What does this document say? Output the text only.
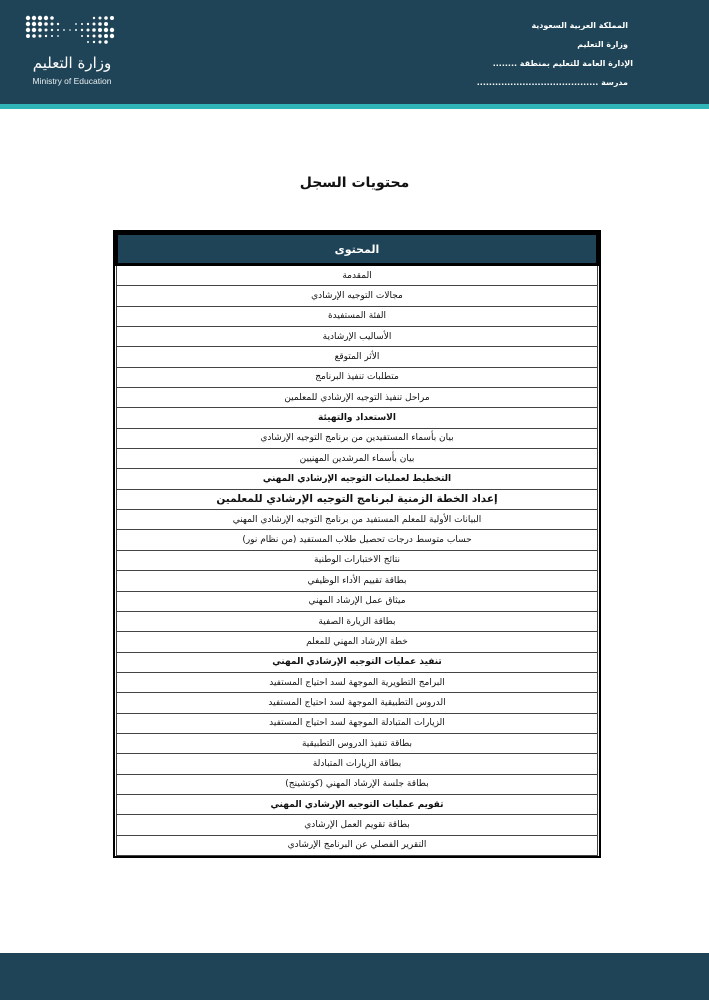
وزارة التعليم
Ministry of Education
المملكة العربية السعودية
وزارة التعليم
الإدارة العامة للتعليم بمنطقة ........
مدرسة ........................................
محتويات السجل
المحتوى
المقدمة
مجالات التوجيه الإرشادي
الفئة المستفيدة
الأساليب الإرشادية
الأثر المتوقع
متطلبات تنفيذ البرنامج
مراحل تنفيذ التوجيه الإرشادي للمعلمين
الاستعداد والتهيئة
بيان بأسماء المستفيدين من برنامج التوجيه الإرشادي
بيان بأسماء المرشدين المهنيين
التخطيط لعمليات التوجيه الإرشادي المهني
إعداد الخطة الزمنية لبرنامج التوجيه الإرشادي للمعلمين
البيانات الأولية للمعلم المستفيد من برنامج التوجيه الإرشادي المهني
حساب متوسط درجات تحصيل طلاب المستفيد (من نظام نور)
نتائج الاختبارات الوطنية
بطاقة تقييم الأداء الوظيفي
ميثاق عمل الإرشاد المهني
بطاقة الزيارة الصفية
خطة الإرشاد المهني للمعلم
تنفيذ عمليات التوجيه الإرشادي المهني
البرامج التطويرية الموجهة لسد احتياج المستفيد
الدروس التطبيقية الموجهة لسد احتياج المستفيد
الزيارات المتبادلة الموجهة لسد احتياج المستفيد
بطاقة تنفيذ الدروس التطبيقية
بطاقة الزيارات المتبادلة
بطاقة جلسة الإرشاد المهني (كوتشينج)
تقويم عمليات التوجيه الإرشادي المهني
بطاقة تقويم العمل الإرشادي
التقرير الفصلي عن البرنامج الإرشادي
